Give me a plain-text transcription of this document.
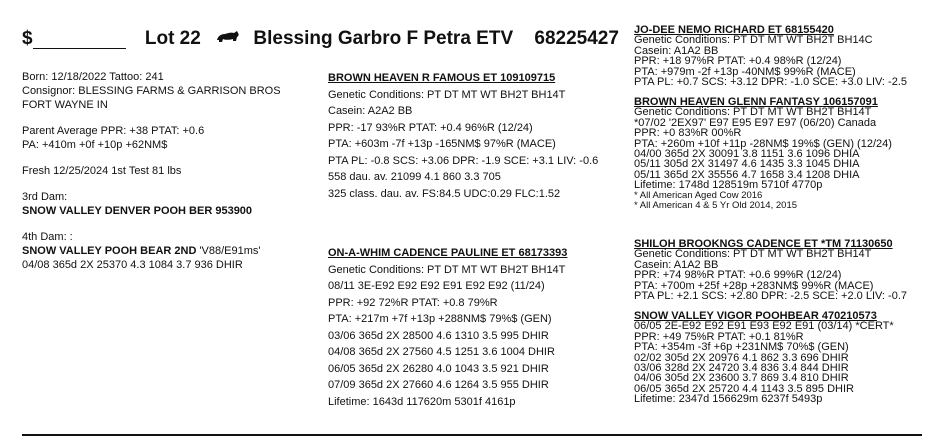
$	Lot 22	Blessing Garbro F Petra ETV 68225427
Born: 12/18/2022 Tattoo: 241
Consignor: BLESSING FARMS & GARRISON BROS
FORT WAYNE IN
Parent Average PPR: +38 PTAT: +0.6
PA: +410m +0f +10p +62NM$
Fresh 12/25/2024 1st Test 81 lbs
3rd Dam:
SNOW VALLEY DENVER POOH BER 953900
4th Dam: :
SNOW VALLEY POOH BEAR 2ND 'V88/E91ms'
04/08 365d 2X 25370 4.3 1084 3.7 936 DHIR
BROWN HEAVEN R FAMOUS ET 109109715
Genetic Conditions: PT DT MT WT BH2T BH14T
Casein: A2A2 BB
PPR: -17 93%R PTAT: +0.4 96%R (12/24)
PTA: +603m -7f +13p -165NM$ 97%R (MACE)
PTA PL: -0.8 SCS: +3.06 DPR: -1.9 SCE: +3.1 LIV: -0.6
558 dau. av. 21099 4.1 860 3.3 705
325 class. dau. av. FS:84.5 UDC:0.29 FLC:1.52
ON-A-WHIM CADENCE PAULINE ET 68173393
Genetic Conditions: PT DT MT WT BH2T BH14T
08/11 3E-E92 E92 E92 E91 E92 E92 (11/24)
PPR: +92 72%R PTAT: +0.8 79%R
PTA: +217m +7f +13p +288NM$ 79%$ (GEN)
03/06 365d 2X 28500 4.6 1310 3.5 995 DHIR
04/08 365d 2X 27560 4.5 1251 3.6 1004 DHIR
06/05 365d 2X 26280 4.0 1043 3.5 921 DHIR
07/09 365d 2X 27660 4.6 1264 3.5 955 DHIR
Lifetime: 1643d 117620m 5301f 4161p
JO-DEE NEMO RICHARD ET 68155420
Genetic Conditions: PT DT MT WT BH2T BH14C
Casein: A1A2 BB
PPR: +18 97%R PTAT: +0.4 98%R (12/24)
PTA: +979m -2f +13p -40NM$ 99%R (MACE)
PTA PL: +0.7 SCS: +3.12 DPR: -1.0 SCE: +3.0 LIV: -2.5
BROWN HEAVEN GLENN FANTASY 106157091
Genetic Conditions: PT DT MT WT BH2T BH14T
*07/02 '2EX97' E97 E95 E97 E97 (06/20) Canada
PPR: +0 83%R 00%R
PTA: +260m +10f +11p -28NM$ 19%$ (GEN) (12/24)
04/00 365d 2X 30091 3.8 1151 3.6 1096 DHIA
05/11 305d 2X 31497 4.6 1435 3.3 1045 DHIA
05/11 365d 2X 35556 4.7 1658 3.4 1208 DHIA
Lifetime: 1748d 128519m 5710f 4770p
* All American Aged Cow 2016
* All American 4 & 5 Yr Old 2014, 2015
SHILOH BROOKNGS CADENCE ET *TM 71130650
Genetic Conditions: PT DT MT WT BH2T BH14T
Casein: A1A2 BB
PPR: +74 98%R PTAT: +0.6 99%R (12/24)
PTA: +700m +25f +28p +283NM$ 99%R (MACE)
PTA PL: +2.1 SCS: +2.80 DPR: -2.5 SCE: +2.0 LIV: -0.7
SNOW VALLEY VIGOR POOHBEAR 470210573
06/05 2E-E92 E92 E91 E93 E92 E91 (03/14) *CERT*
PPR: +49 75%R PTAT: +0.1 81%R
PTA: +354m -3f +6p +231NM$ 70%$ (GEN)
02/02 305d 2X 20976 4.1 862 3.3 696 DHIR
03/06 328d 2X 24720 3.4 836 3.4 844 DHIR
04/06 305d 2X 23600 3.7 869 3.4 810 DHIR
06/05 365d 2X 25720 4.4 1143 3.5 895 DHIR
Lifetime: 2347d 156629m 6237f 5493p
